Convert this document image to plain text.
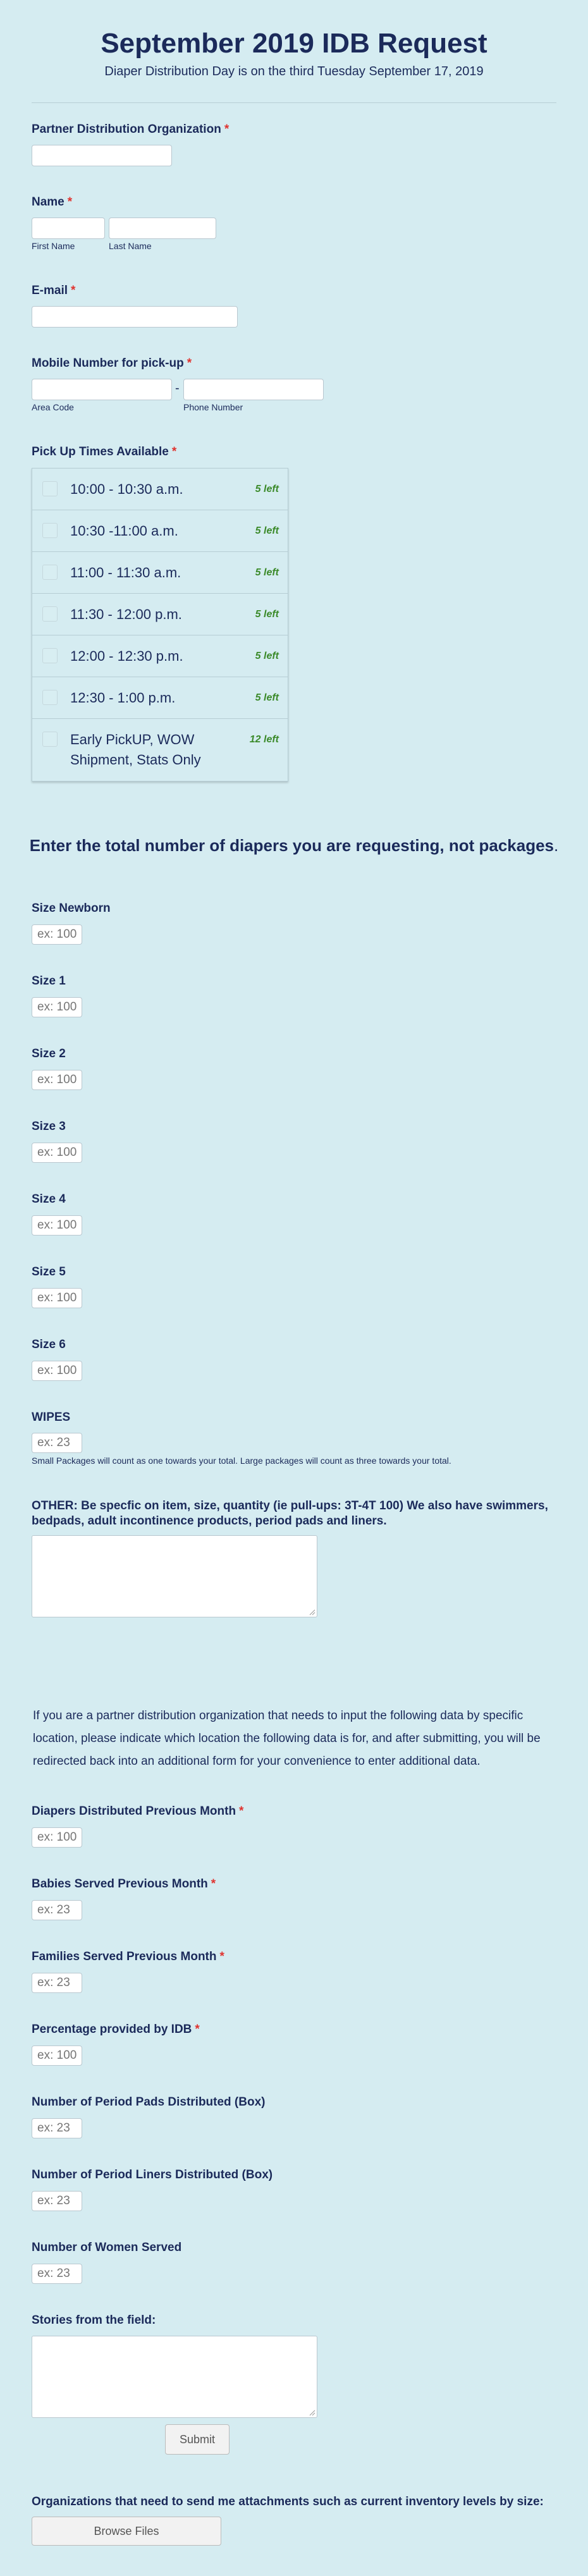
September 2019 IDB Request
Diaper Distribution Day is on the third Tuesday September 17, 2019
Partner Distribution Organization *
Name *
First Name	Last Name
E-mail *
Mobile Number for pick-up *
-
Area Code	Phone Number
Pick Up Times Available *
10:00 - 10:30 a.m.	5 left
10:30 -11:00 a.m.	5 left
11:00 - 11:30 a.m.	5 left
11:30 - 12:00 p.m.	5 left
12:00 - 12:30 p.m.	5 left
12:30 - 1:00 p.m.	5 left
Early PickUP, WOW
Shipment, Stats Only
12 left
Enter the total number of diapers you are requesting, not packages.
Size Newborn
ex: 100
Size 1
ex: 100
Size 2
ex: 100
Size 3
ex: 100
Size 4
ex: 100
Size 5
ex: 100
Size 6
ex: 100
WIPES
ex: 23
Small Packages will count as one towards your total. Large packages will count as three towards your total.
OTHER: Be specfic on item, size, quantity (ie pull-ups: 3T-4T 100) We also have swimmers, bedpads, adult incontinence products, period pads and liners.
If you are a partner distribution organization that needs to input the following data by specific location, please indicate which location the following data is for, and after submitting, you will be redirected back into an additional form for your convenience to enter additional data.
Diapers Distributed Previous Month *
ex: 100
Babies Served Previous Month *
ex: 23
Families Served Previous Month *
ex: 23
Percentage provided by IDB *
ex: 100%
Number of Period Pads Distributed (Box)
ex: 23
Number of Period Liners Distributed (Box)
ex: 23
Number of Women Served
ex: 23
Stories from the field:
Submit
Organizations that need to send me attachments such as current inventory levels by size:
Browse Files
